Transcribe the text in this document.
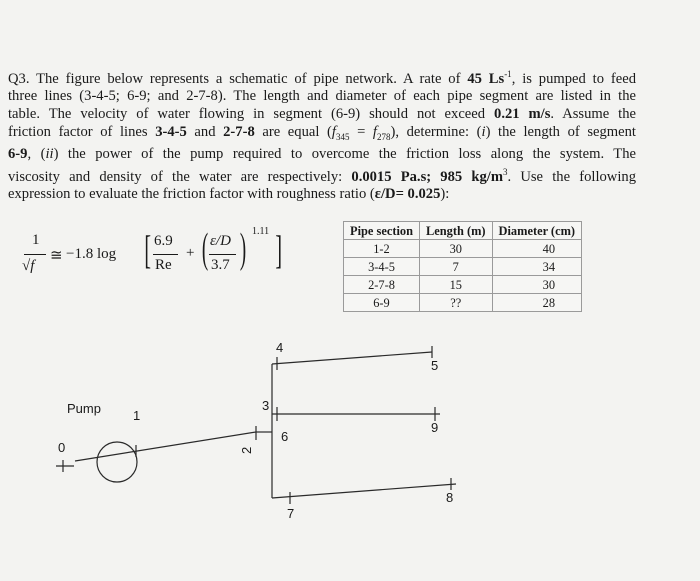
Q3. The figure below represents a schematic of pipe network. A rate of 45 $Ls^{-1}$, is pumped to feed
three lines (3-4-5; 6-9; and 2-7-8). The length and diameter of each pipe segment are listed in the
table. The velocity of water flowing in segment (6-9) should not exceed 0.21 m/s. Assume the
friction factor of lines 3-4-5 and 2-7-8 are equal $(f_{345} = f_{278})$, determine: (i) the length of segment
6-9, (ii) the power of the pump required to overcome the friction loss along the system. The
viscosity and density of the water are respectively: 0.0015 Pa.s; 985 $kg/m^3$. Use the following
expression to evaluate the friction factor with roughness ratio (ε/D= 0.025):
1
√f
≅ −1.8 log [ 6.9
Re
+ ( ε/D
3.7 ) 1.11 ]	Pipe section	Length (m)	Diameter (cm)
1-2	30	40
3-4-5	7	34
2-7-8	15	30
6-9	??	28
Pump
0
1
2
3
4
5
6
7
8
9
